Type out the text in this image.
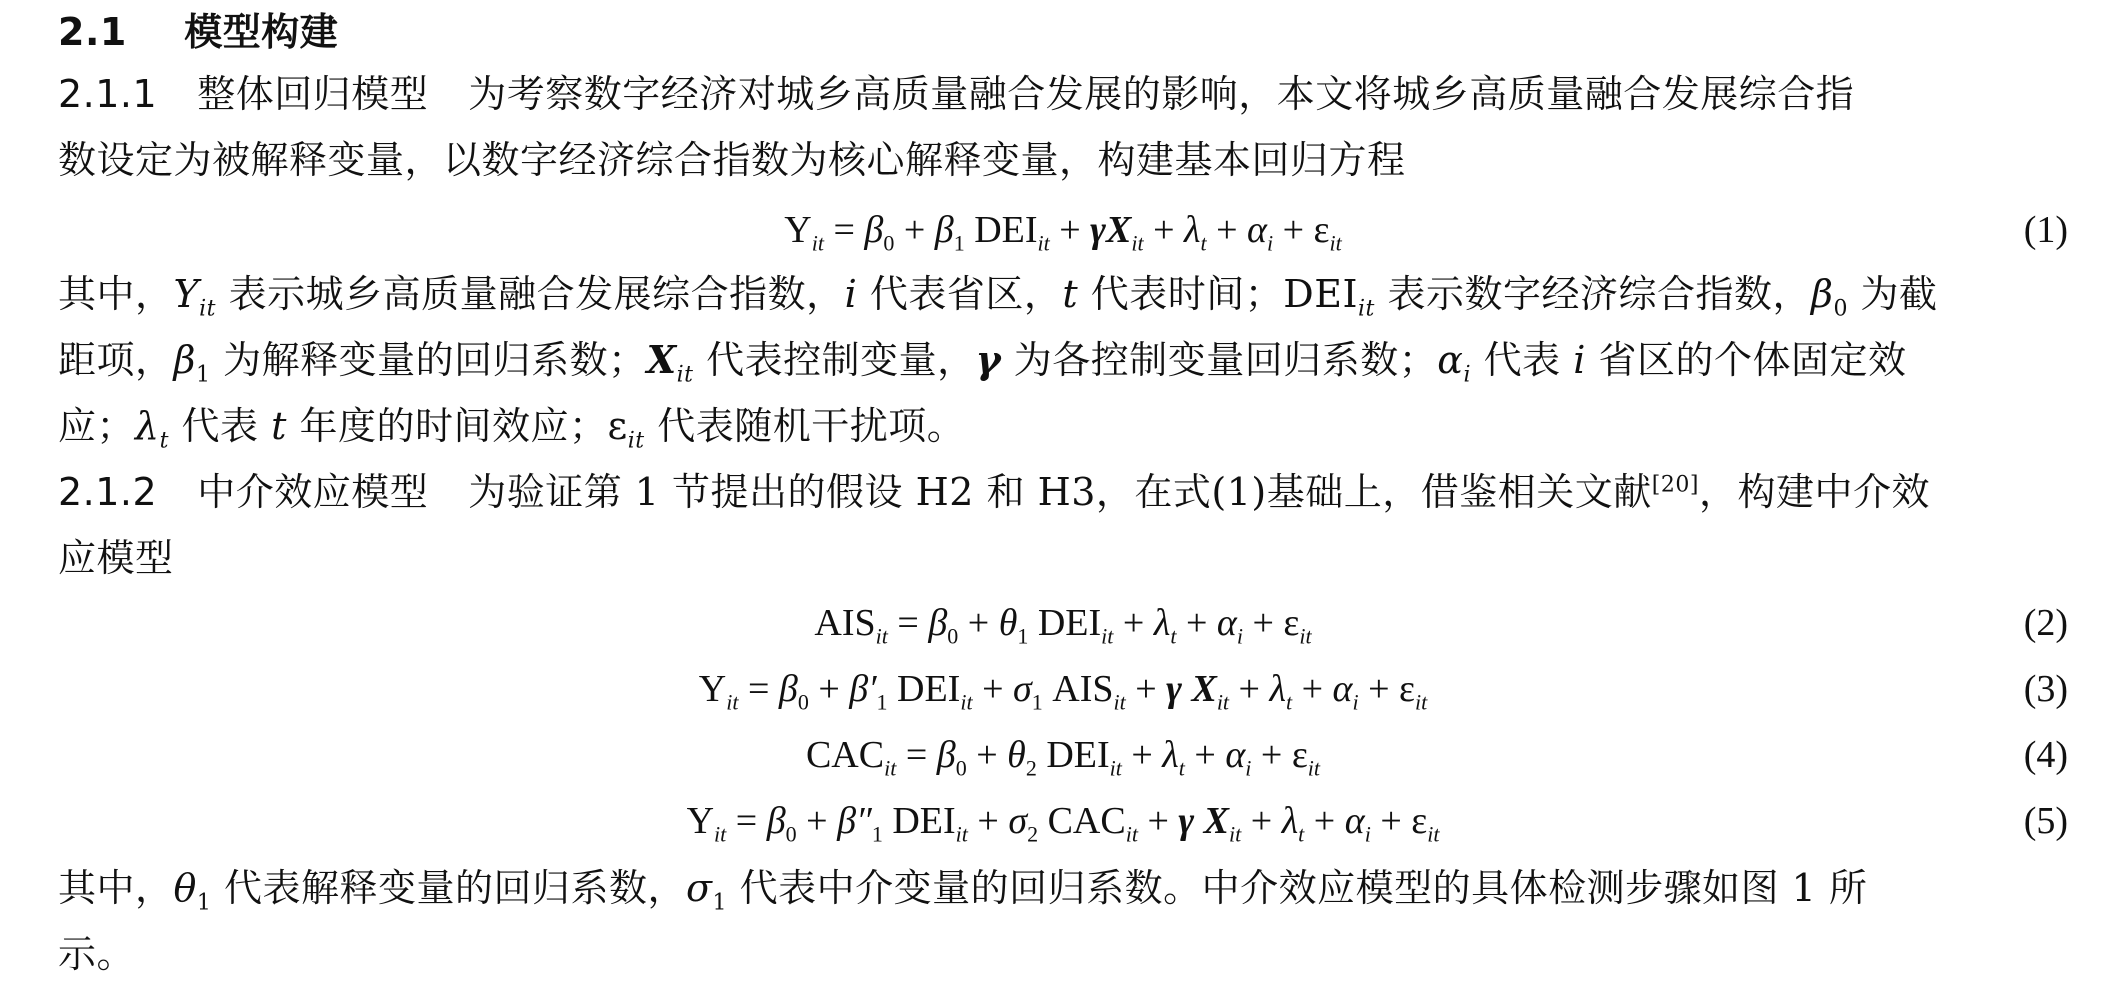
2.1 模型构建
2.1.1 整体回归模型 为考察数字经济对城乡高质量融合发展的影响，本文将城乡高质量融合发展综合指
数设定为被解释变量，以数字经济综合指数为核心解释变量，构建基本回归方程
$Y_{it} = \beta_0 + \beta_1$ $DEI_{it} + \gamma X_{it} + \lambda_t + \alpha_i + \varepsilon_{it}$	(1)
其中，$Y_{it}$ 表示城乡高质量融合发展综合指数，i 代表省区，t 代表时间；$DEI_{it}$ 表示数字经济综合指数，$\beta_0$ 为截
距项，$\beta_1$ 为解释变量的回归系数；$X_{it}$ 代表控制变量，γ 为各控制变量回归系数；$\alpha_i$ 代表 i 省区的个体固定效
应；$\lambda_t$ 代表 t 年度的时间效应；$\varepsilon_{it}$ 代表随机干扰项。
2.1.2 中介效应模型 为验证第 1 节提出的假设 H2 和 H3，在式(1)基础上，借鉴相关文献[20]，构建中介效
应模型
$AIS_{it} = \beta_0 + \theta_1$ $DEI_{it} + \lambda_t + \alpha_i + \varepsilon_{it}$	(2)
$Y_{it} = \beta_0 + \beta'_1$ $DEI_{it} + \sigma_1$ $AIS_{it} + \gamma$ $X_{it} + \lambda_t + \alpha_i + \varepsilon_{it}$	(3)
$CAC_{it} = \beta_0 + \theta_2$ $DEI_{it} + \lambda_t + \alpha_i + \varepsilon_{it}$	(4)
$Y_{it} = \beta_0 + \beta''_1$ $DEI_{it} + \sigma_2$ $CAC_{it} + \gamma$ $X_{it} + \lambda_t + \alpha_i + \varepsilon_{it}$	(5)
其中，$\theta_1$ 代表解释变量的回归系数，$\sigma_1$ 代表中介变量的回归系数。中介效应模型的具体检测步骤如图 1 所
示。
